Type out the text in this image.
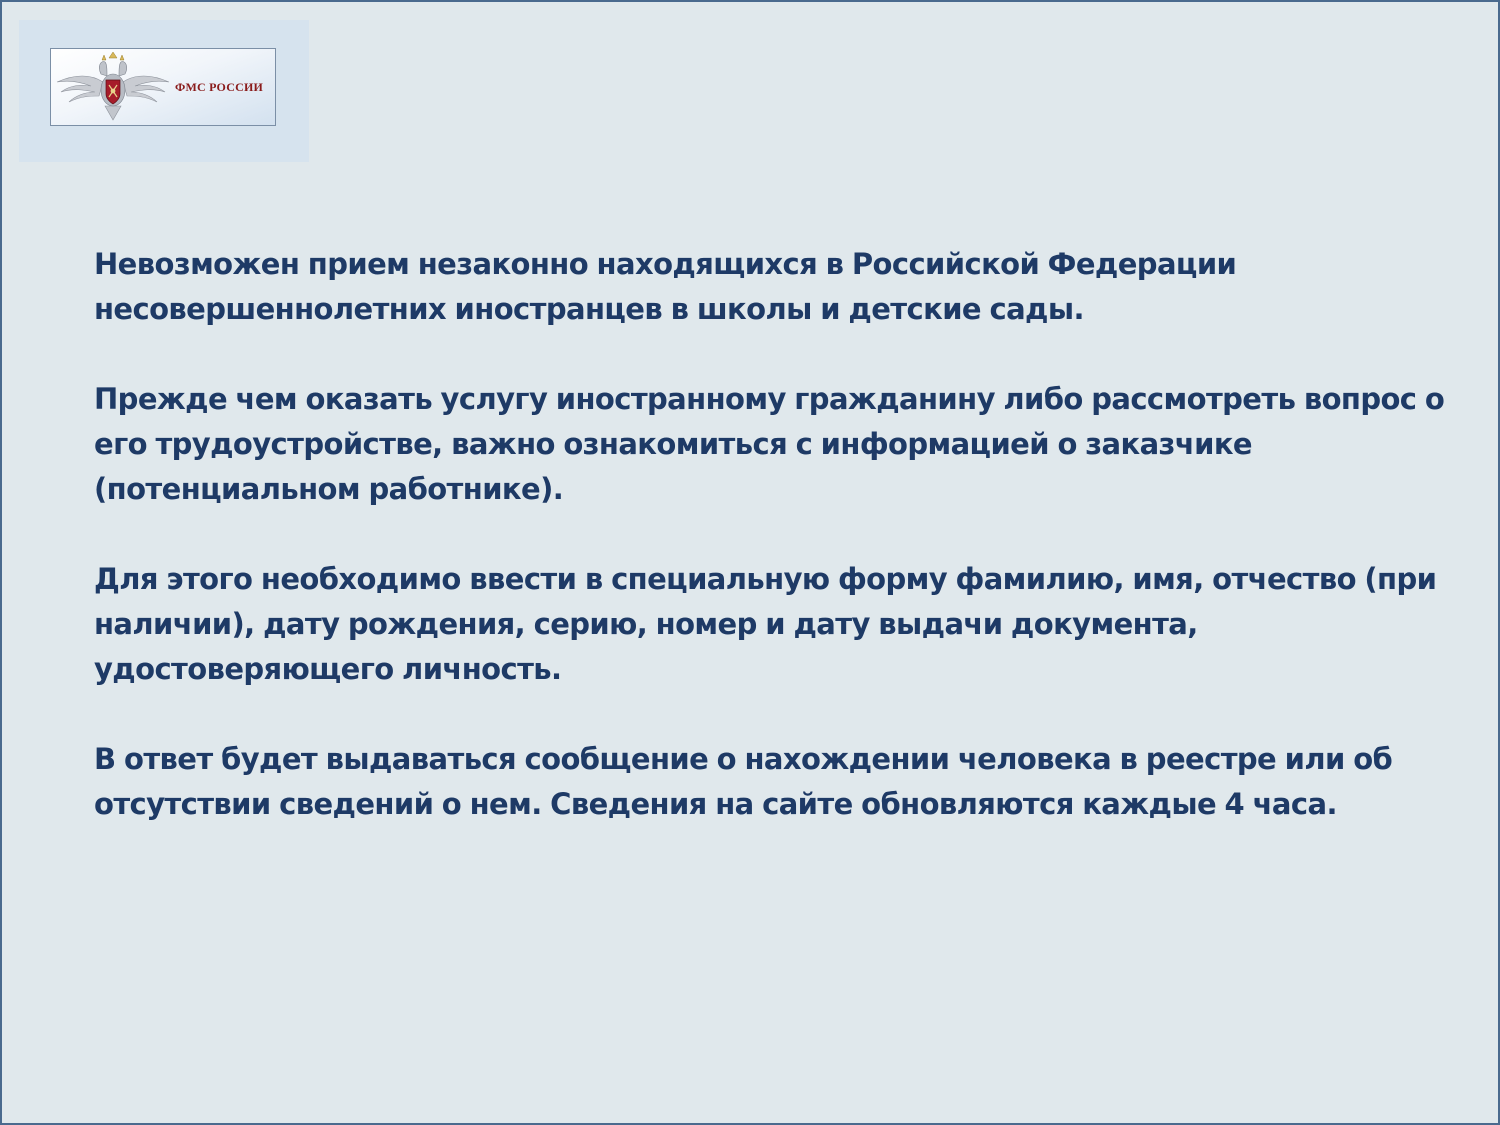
ФМС РОССИИ

Невозможен прием незаконно находящихся в Российской Федерации несовершеннолетних иностранцев в школы и детские сады.

Прежде чем оказать услугу иностранному гражданину либо рассмотреть вопрос о его трудоустройстве, важно ознакомиться с информацией о заказчике (потенциальном работнике).

Для этого необходимо ввести в специальную форму фамилию, имя, отчество (при наличии), дату рождения, серию, номер и дату выдачи документа, удостоверяющего личность.

В ответ будет выдаваться сообщение о нахождении человека в реестре или об отсутствии сведений о нем. Сведения на сайте обновляются каждые 4 часа.
